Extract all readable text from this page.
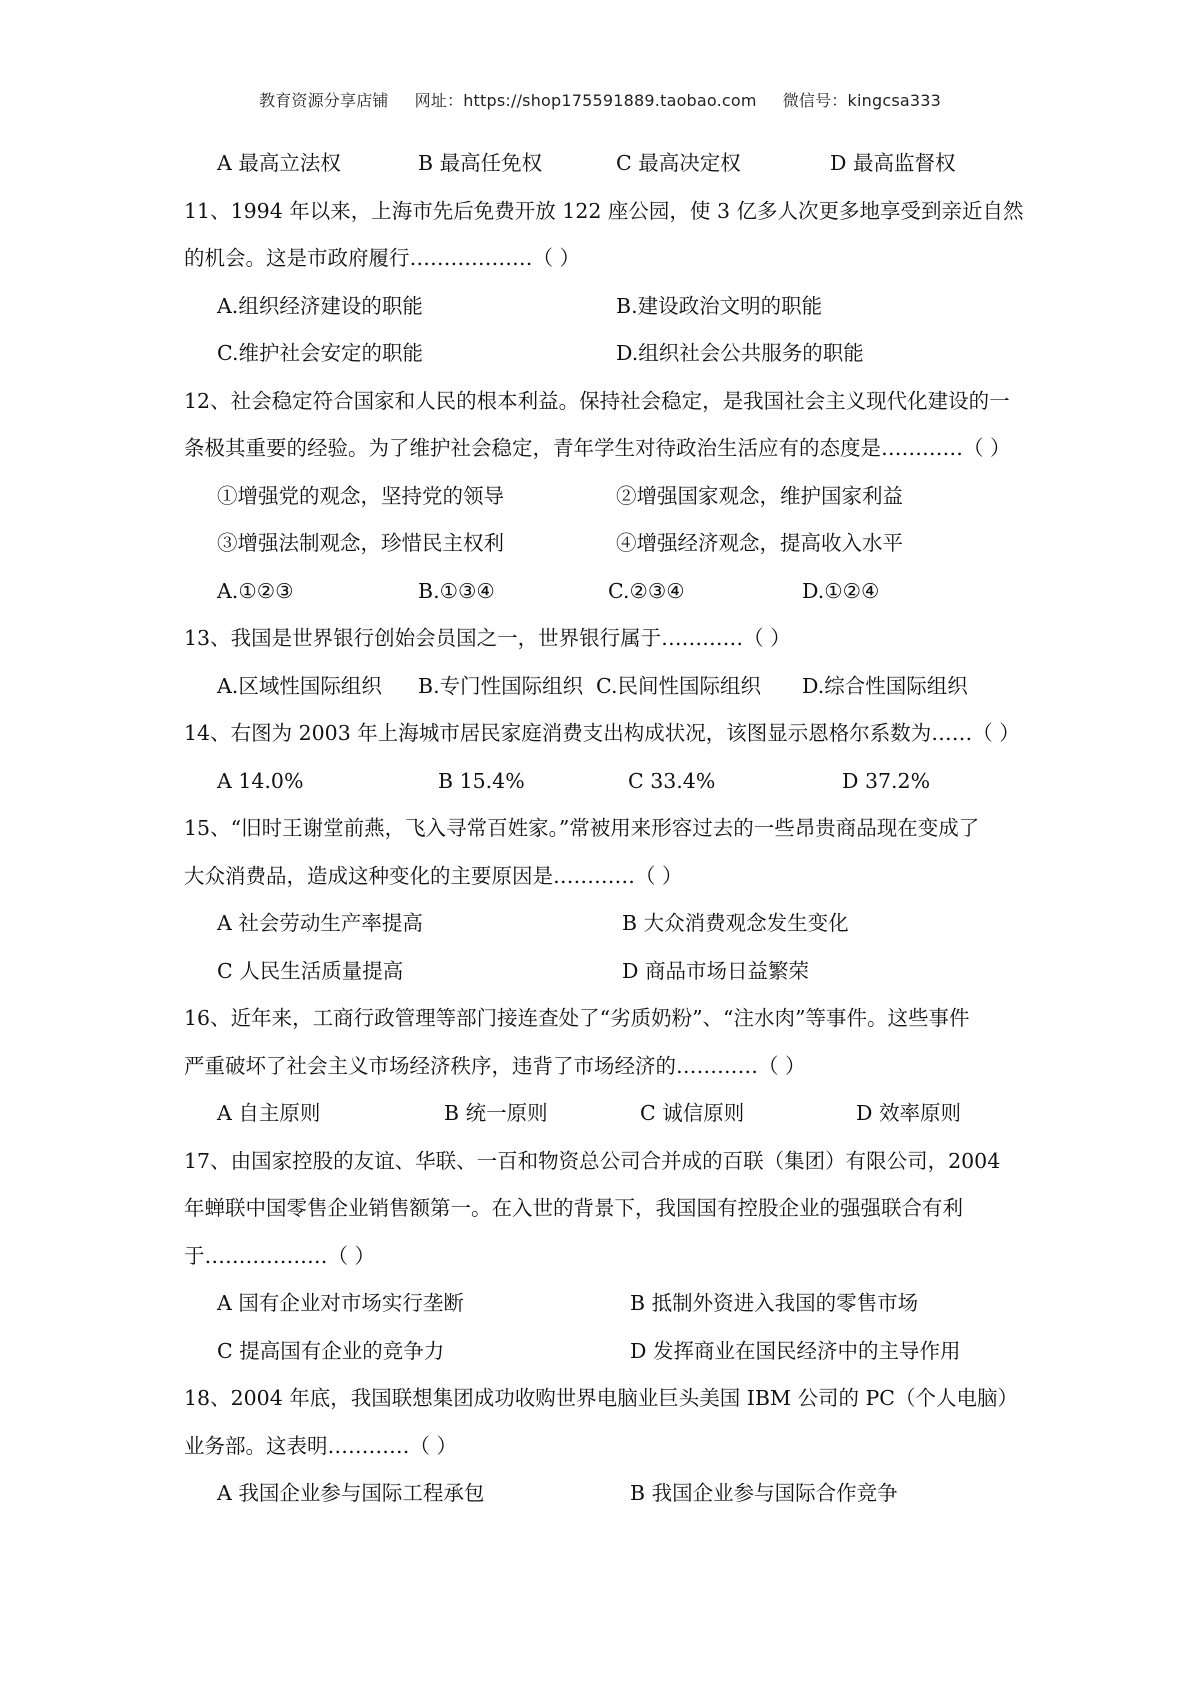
教育资源分享店铺 网址：https://shop175591889.taobao.com 微信号：kingcsa333
A 最高立法权	B 最高任免权	C 最高决定权	D 最高监督权
11、1994 年以来，上海市先后免费开放 122 座公园，使 3 亿多人次更多地享受到亲近自然
的机会。这是市政府履行………………（ ）
A.组织经济建设的职能	B.建设政治文明的职能
C.维护社会安定的职能	D.组织社会公共服务的职能
12、社会稳定符合国家和人民的根本利益。保持社会稳定，是我国社会主义现代化建设的一
条极其重要的经验。为了维护社会稳定，青年学生对待政治生活应有的态度是…………（ ）
①增强党的观念，坚持党的领导	②增强国家观念，维护国家利益
③增强法制观念，珍惜民主权利	④增强经济观念，提高收入水平
A.①②③	B.①③④	C.②③④	D.①②④
13、我国是世界银行创始会员国之一，世界银行属于…………（ ）
A.区域性国际组织 B.专门性国际组织 C.民间性国际组织 D.综合性国际组织
14、右图为 2003 年上海城市居民家庭消费支出构成状况，该图显示恩格尔系数为……（ ）
A 14.0%	B 15.4%	C 33.4%	D 37.2%
15、“旧时王谢堂前燕，飞入寻常百姓家。”常被用来形容过去的一些昂贵商品现在变成了
大众消费品，造成这种变化的主要原因是…………（ ）
A 社会劳动生产率提高	B 大众消费观念发生变化
C 人民生活质量提高	D 商品市场日益繁荣
16、近年来，工商行政管理等部门接连查处了“劣质奶粉”、“注水肉”等事件。这些事件
严重破坏了社会主义市场经济秩序，违背了市场经济的…………（ ）
A 自主原则	B 统一原则	C 诚信原则	D 效率原则
17、由国家控股的友谊、华联、一百和物资总公司合并成的百联（集团）有限公司，2004
年蝉联中国零售企业销售额第一。在入世的背景下，我国国有控股企业的强强联合有利
于………………（ ）
A 国有企业对市场实行垄断	B 抵制外资进入我国的零售市场
C 提高国有企业的竞争力	D 发挥商业在国民经济中的主导作用
18、2004 年底，我国联想集团成功收购世界电脑业巨头美国 IBM 公司的 PC（个人电脑）
业务部。这表明…………（ ）
A 我国企业参与国际工程承包	B 我国企业参与国际合作竞争
